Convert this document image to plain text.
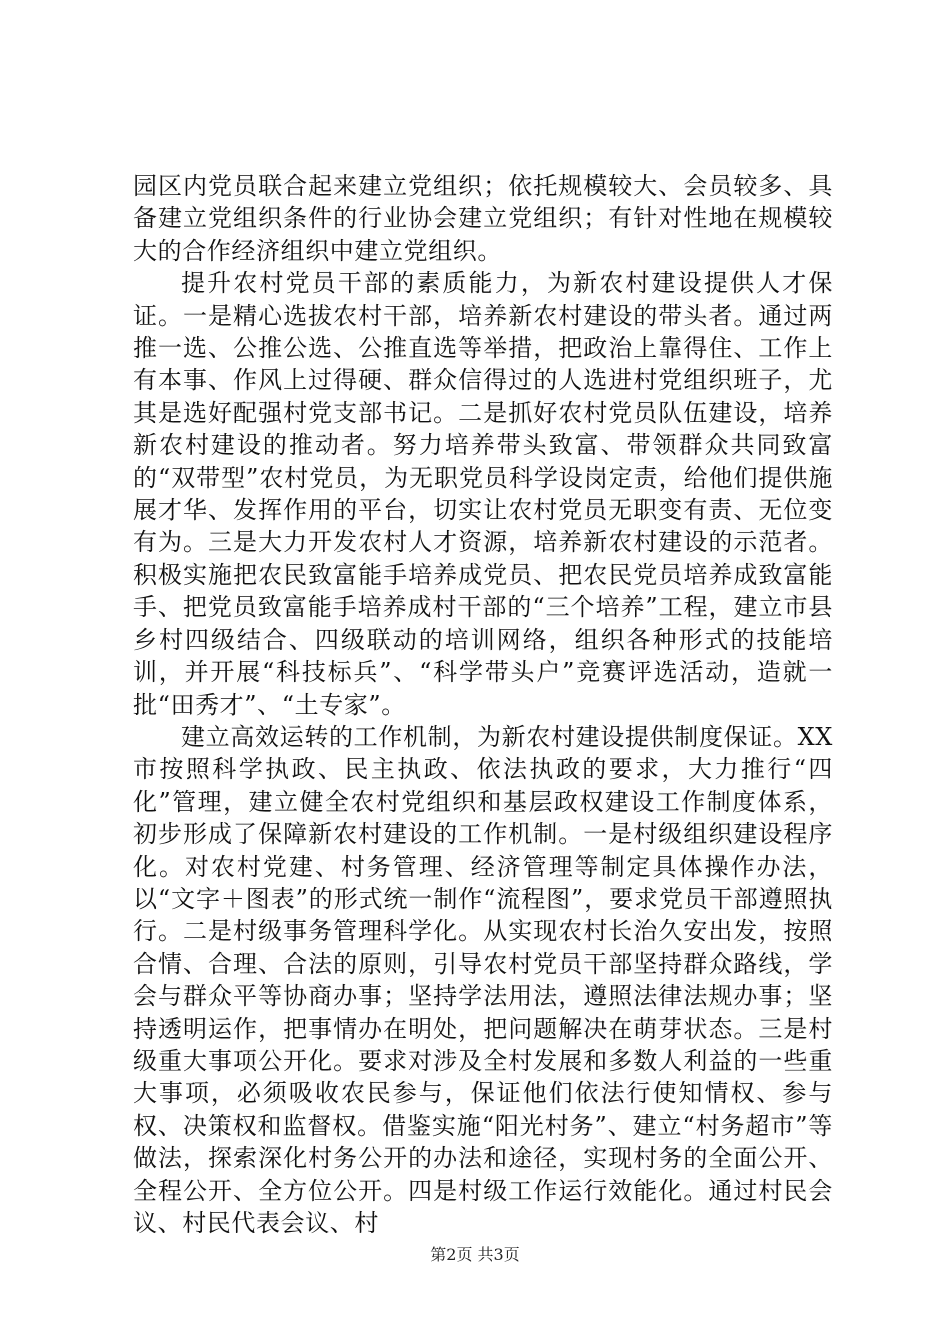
园区内党员联合起来建立党组织；依托规模较大、会员较多、具备建立党组织条件的行业协会建立党组织；有针对性地在规模较大的合作经济组织中建立党组织。

提升农村党员干部的素质能力，为新农村建设提供人才保证。一是精心选拔农村干部，培养新农村建设的带头者。通过两推一选、公推公选、公推直选等举措，把政治上靠得住、工作上有本事、作风上过得硬、群众信得过的人选进村党组织班子，尤其是选好配强村党支部书记。二是抓好农村党员队伍建设，培养新农村建设的推动者。努力培养带头致富、带领群众共同致富的“双带型”农村党员，为无职党员科学设岗定责，给他们提供施展才华、发挥作用的平台，切实让农村党员无职变有责、无位变有为。三是大力开发农村人才资源，培养新农村建设的示范者。积极实施把农民致富能手培养成党员、把农民党员培养成致富能手、把党员致富能手培养成村干部的“三个培养”工程，建立市县乡村四级结合、四级联动的培训网络，组织各种形式的技能培训，并开展“科技标兵”、“科学带头户”竞赛评选活动，造就一批“田秀才”、“土专家”。

建立高效运转的工作机制，为新农村建设提供制度保证。XX市按照科学执政、民主执政、依法执政的要求，大力推行“四化”管理，建立健全农村党组织和基层政权建设工作制度体系，初步形成了保障新农村建设的工作机制。一是村级组织建设程序化。对农村党建、村务管理、经济管理等制定具体操作办法，以“文字＋图表”的形式统一制作“流程图”，要求党员干部遵照执行。二是村级事务管理科学化。从实现农村长治久安出发，按照合情、合理、合法的原则，引导农村党员干部坚持群众路线，学会与群众平等协商办事；坚持学法用法，遵照法律法规办事；坚持透明运作，把事情办在明处，把问题解决在萌芽状态。三是村级重大事项公开化。要求对涉及全村发展和多数人利益的一些重大事项，必须吸收农民参与，保证他们依法行使知情权、参与权、决策权和监督权。借鉴实施“阳光村务”、建立“村务超市”等做法，探索深化村务公开的办法和途径，实现村务的全面公开、全程公开、全方位公开。四是村级工作运行效能化。通过村民会议、村民代表会议、村

第2页 共3页
